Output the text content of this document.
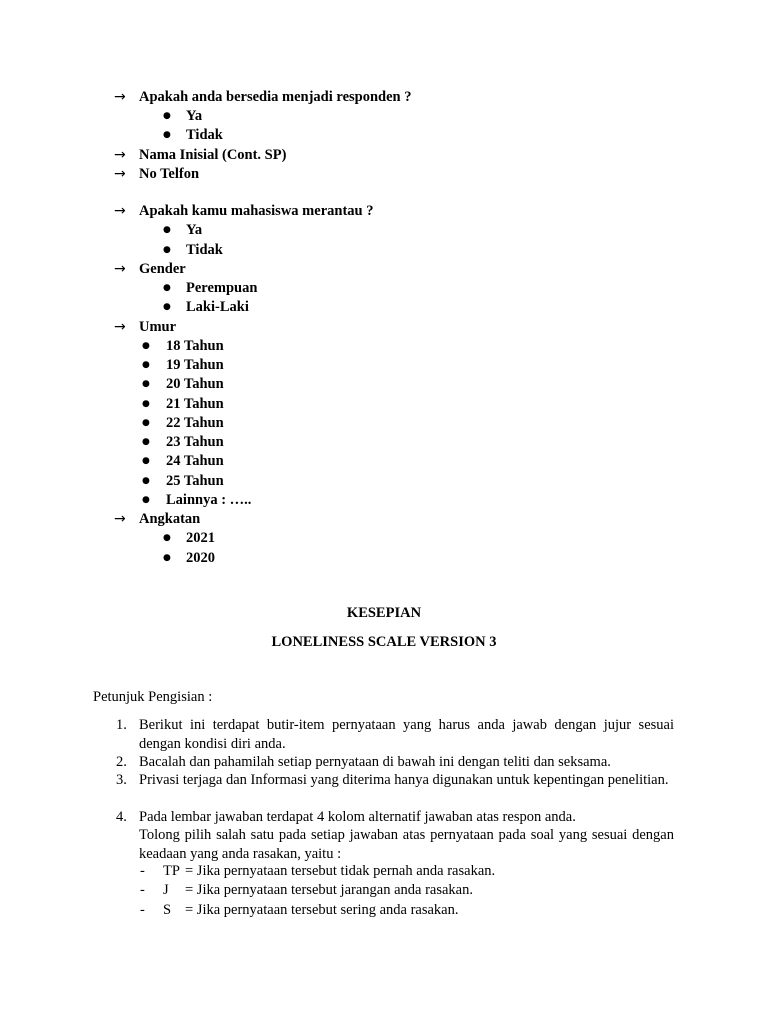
→ Apakah anda bersedia menjadi responden ?
● Ya
● Tidak
→ Nama Inisial (Cont. SP)
→ No Telfon
→ Apakah kamu mahasiswa merantau ?
● Ya
● Tidak
→ Gender
● Perempuan
● Laki-Laki
→ Umur
● 18 Tahun
● 19 Tahun
● 20 Tahun
● 21 Tahun
● 22 Tahun
● 23 Tahun
● 24 Tahun
● 25 Tahun
● Lainnya : …..
→ Angkatan
● 2021
● 2020
KESEPIAN
LONELINESS SCALE VERSION 3
Petunjuk Pengisian :
1. Berikut ini terdapat butir-item pernyataan yang harus anda jawab dengan jujur sesuai dengan kondisi diri anda.
2. Bacalah dan pahamilah setiap pernyataan di bawah ini dengan teliti dan seksama.
3. Privasi terjaga dan Informasi yang diterima hanya digunakan untuk kepentingan penelitian.
4. Pada lembar jawaban terdapat 4 kolom alternatif jawaban atas respon anda.
Tolong pilih salah satu pada setiap jawaban atas pernyataan pada soal yang sesuai dengan keadaan yang anda rasakan, yaitu :
- TP = Jika pernyataan tersebut tidak pernah anda rasakan.
- J = Jika pernyataan tersebut jarangan anda rasakan.
- S = Jika pernyataan tersebut sering anda rasakan.
